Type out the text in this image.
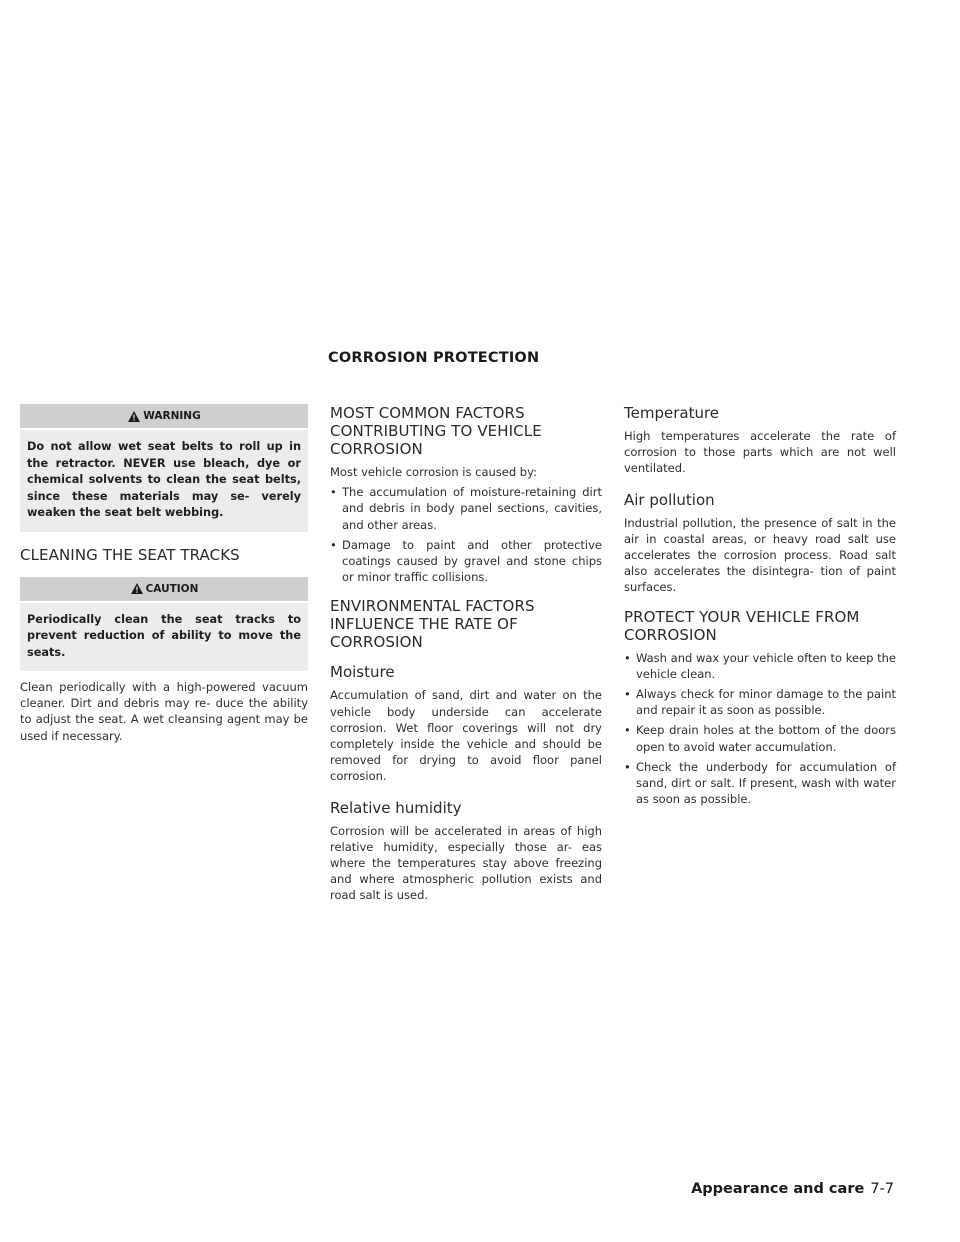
CORROSION PROTECTION
WARNING
Do not allow wet seat belts to roll up in the retractor. NEVER use bleach, dye or chemical solvents to clean the seat belts, since these materials may se- verely weaken the seat belt webbing.
CLEANING THE SEAT TRACKS
CAUTION
Periodically clean the seat tracks to prevent reduction of ability to move the seats.

Clean periodically with a high-powered vacuum cleaner. Dirt and debris may re- duce the ability to adjust the seat. A wet cleansing agent may be used if necessary.

MOST COMMON FACTORS CONTRIBUTING TO VEHICLE CORROSION

Most vehicle corrosion is caused by:

• The accumulation of moisture-retaining dirt and debris in body panel sections, cavities, and other areas.
• Damage to paint and other protective coatings caused by gravel and stone chips or minor traffic collisions.
ENVIRONMENTAL FACTORS INFLUENCE THE RATE OF CORROSION
Moisture

Accumulation of sand, dirt and water on the vehicle body underside can accelerate corrosion. Wet floor coverings will not dry completely inside the vehicle and should be removed for drying to avoid floor panel corrosion.

Relative humidity

Corrosion will be accelerated in areas of high relative humidity, especially those ar- eas where the temperatures stay above freezing and where atmospheric pollution exists and road salt is used.

Temperature

High temperatures accelerate the rate of corrosion to those parts which are not well ventilated.

Air pollution

Industrial pollution, the presence of salt in the air in coastal areas, or heavy road salt use accelerates the corrosion process. Road salt also accelerates the disintegra- tion of paint surfaces.

PROTECT YOUR VEHICLE FROM CORROSION
• Wash and wax your vehicle often to keep the vehicle clean.
• Always check for minor damage to the paint and repair it as soon as possible.
• Keep drain holes at the bottom of the doors open to avoid water accumulation.
• Check the underbody for accumulation of sand, dirt or salt. If present, wash with water as soon as possible.
Appearance and care 7-7
